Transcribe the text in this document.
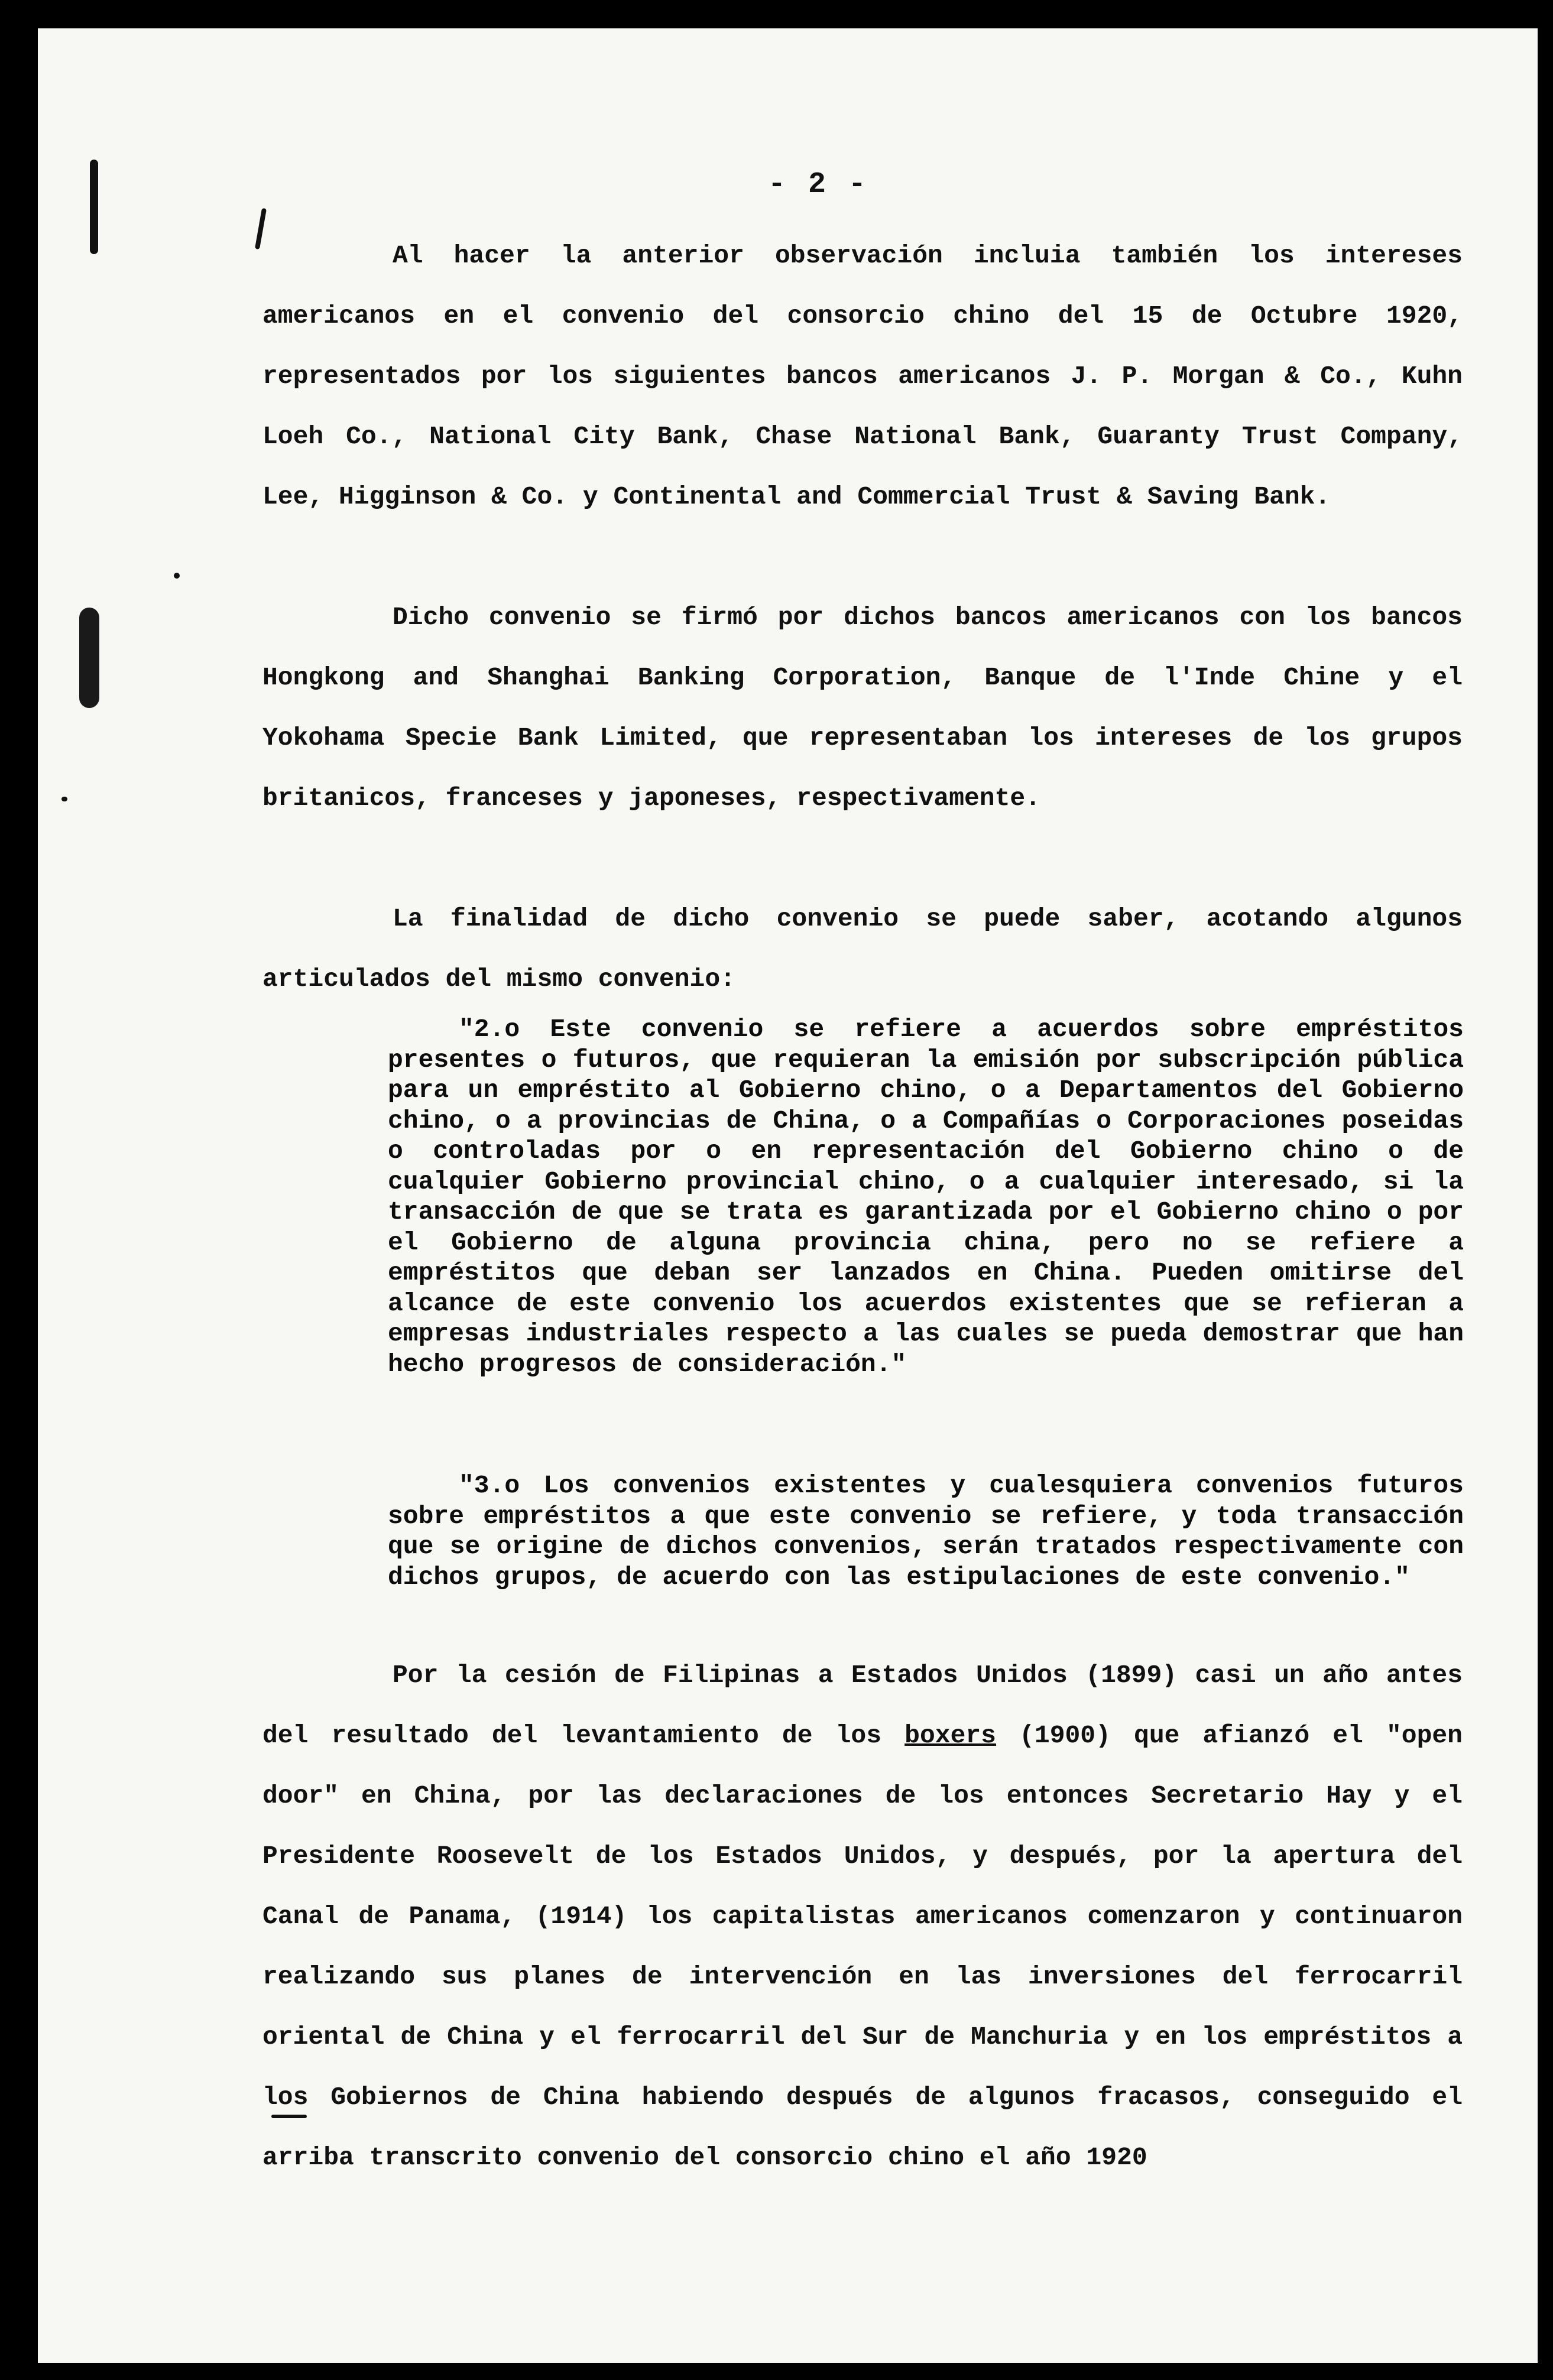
- 2 -

Al hacer la anterior observación incluia también los intereses americanos en el convenio del consorcio chino del 15 de Octubre 1920, representados por los siguientes bancos americanos J. P. Morgan & Co., Kuhn Loeh Co., National City Bank, Chase National Bank, Guaranty Trust Company, Lee, Higginson & Co. y Continental and Commercial Trust & Saving Bank.

Dicho convenio se firmó por dichos bancos americanos con los bancos Hongkong and Shanghai Banking Corporation, Banque de l'Inde Chine y el Yokohama Specie Bank Limited, que representaban los intereses de los grupos britanicos, franceses y japoneses, respectivamente.

La finalidad de dicho convenio se puede saber, acotando algunos articulados del mismo convenio:

"2.o Este convenio se refiere a acuerdos sobre empréstitos presentes o futuros, que requieran la emisión por subscripción pública para un empréstito al Gobierno chino, o a Departamentos del Gobierno chino, o a provincias de China, o a Compañías o Corporaciones poseidas o controladas por o en representación del Gobierno chino o de cualquier Gobierno provincial chino, o a cualquier interesado, si la transacción de que se trata es garantizada por el Gobierno chino o por el Gobierno de alguna provincia china, pero no se refiere a empréstitos que deban ser lanzados en China. Pueden omitirse del alcance de este convenio los acuerdos existentes que se refieran a empresas industriales respecto a las cuales se pueda demostrar que han hecho progresos de consideración."

"3.o Los convenios existentes y cualesquiera convenios futuros sobre empréstitos a que este convenio se refiere, y toda transacción que se origine de dichos convenios, serán tratados respectivamente con dichos grupos, de acuerdo con las estipulaciones de este convenio."

Por la cesión de Filipinas a Estados Unidos (1899) casi un año antes del resultado del levantamiento de los boxers (1900) que afianzó el "open door" en China, por las declaraciones de los entonces Secretario Hay y el Presidente Roosevelt de los Estados Unidos, y después, por la apertura del Canal de Panama, (1914) los capitalistas americanos comenzaron y continuaron realizando sus planes de intervención en las inversiones del ferrocarril oriental de China y el ferrocarril del Sur de Manchuria y en los empréstitos a los Gobiernos de China habiendo después de algunos fracasos, conseguido el arriba transcrito convenio del consorcio chino el año 1920
